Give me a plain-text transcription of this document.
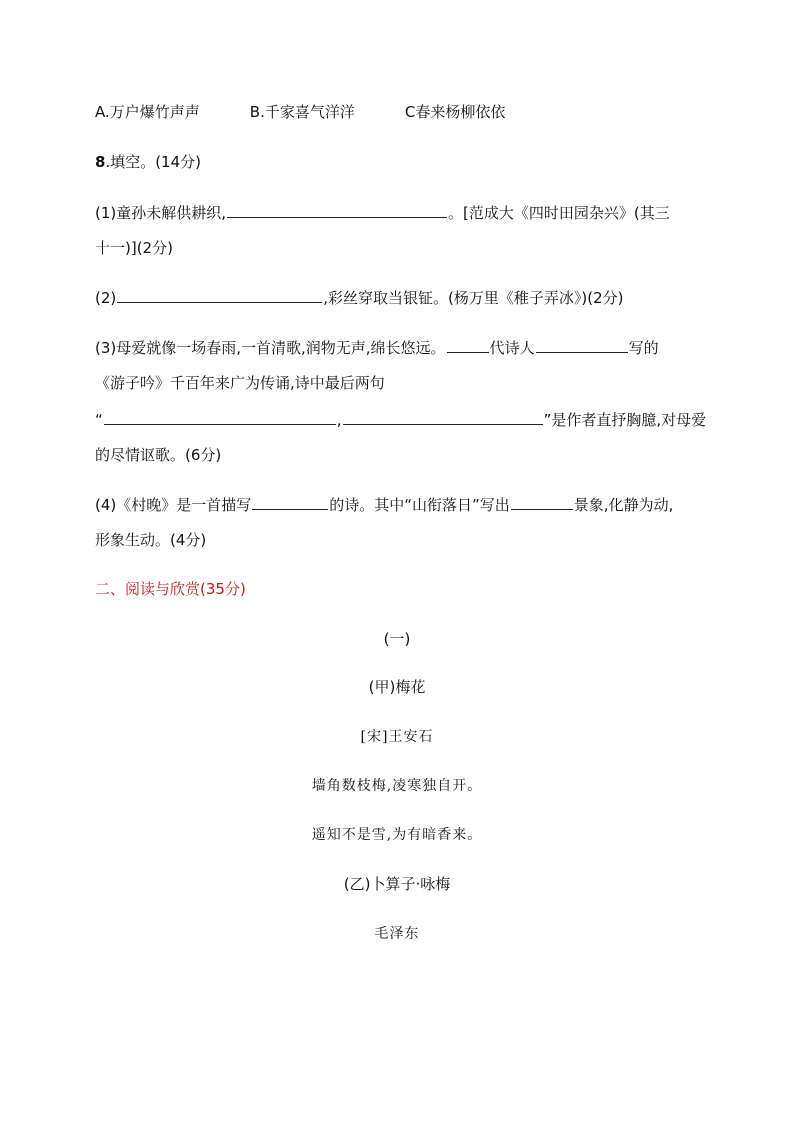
A.万户爆竹声声	B.千家喜气洋洋	C春来杨柳依依
8.填空。(14分)
(1)童孙未解供耕织,	。[范成大《四时田园杂兴》(其三
十一)](2分)
(2)	,彩丝穿取当银钲。(杨万里《稚子弄冰》)(2分)
(3)母爱就像一场春雨,一首清歌,润物无声,绵长悠远。	代诗人	写的
《游子吟》千百年来广为传诵,诗中最后两句
“	,	”是作者直抒胸臆,对母爱
的尽情讴歌。(6分)
(4)《村晚》是一首描写	的诗。其中“山衔落日”写出	景象,化静为动,
形象生动。(4分)
二、阅读与欣赏(35分)
(一)
(甲)梅花
[宋]王安石
墙角数枝梅,凌寒独自开。
遥知不是雪,为有暗香来。
(乙)卜算子·咏梅
毛泽东
